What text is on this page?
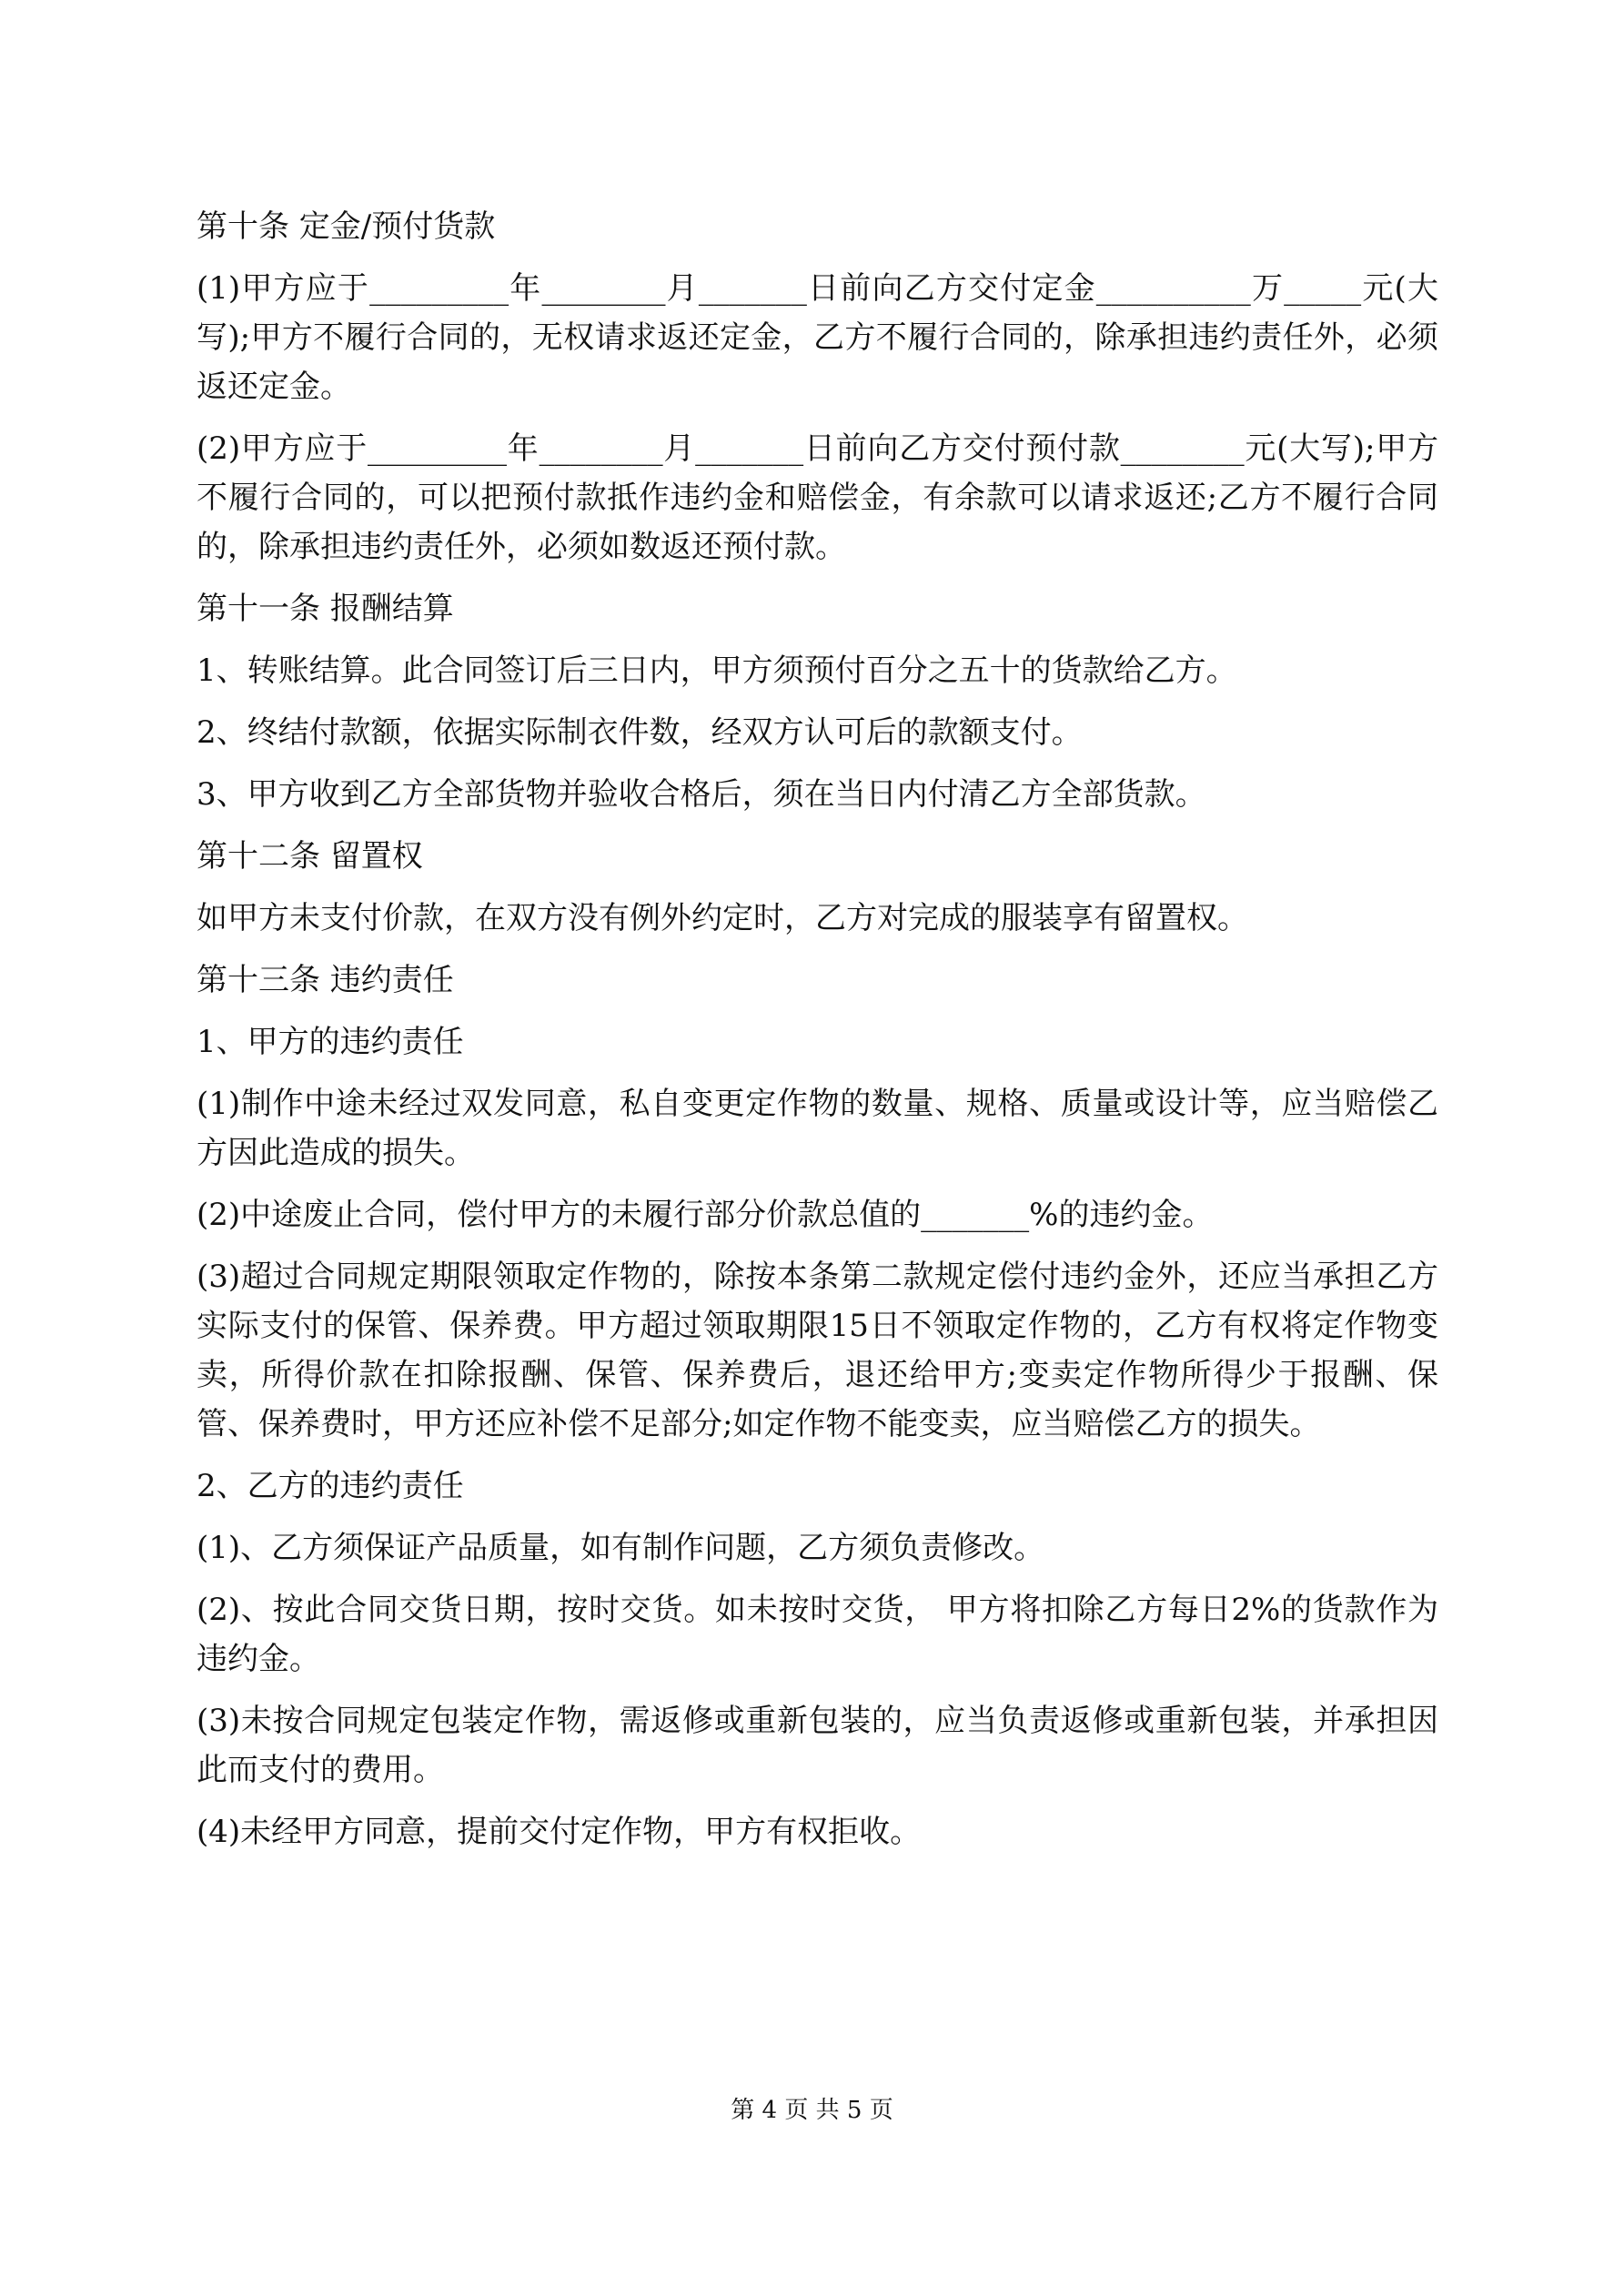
第十条 定金/预付货款

(1)甲方应于_________年________月_______日前向乙方交付定金__________万_____元(大写);甲方不履行合同的，无权请求返还定金，乙方不履行合同的，除承担违约责任外，必须返还定金。

(2)甲方应于_________年________月_______日前向乙方交付预付款________元(大写);甲方不履行合同的，可以把预付款抵作违约金和赔偿金，有余款可以请求返还;乙方不履行合同的，除承担违约责任外，必须如数返还预付款。

第十一条 报酬结算

1、转账结算。此合同签订后三日内，甲方须预付百分之五十的货款给乙方。

2、终结付款额，依据实际制衣件数，经双方认可后的款额支付。

3、甲方收到乙方全部货物并验收合格后，须在当日内付清乙方全部货款。

第十二条 留置权

如甲方未支付价款，在双方没有例外约定时，乙方对完成的服装享有留置权。

第十三条 违约责任

1、甲方的违约责任

(1)制作中途未经过双发同意，私自变更定作物的数量、规格、质量或设计等，应当赔偿乙方因此造成的损失。

(2)中途废止合同，偿付甲方的未履行部分价款总值的_______%的违约金。

(3)超过合同规定期限领取定作物的，除按本条第二款规定偿付违约金外，还应当承担乙方实际支付的保管、保养费。甲方超过领取期限15日不领取定作物的，乙方有权将定作物变卖，所得价款在扣除报酬、保管、保养费后，退还给甲方;变卖定作物所得少于报酬、保管、保养费时，甲方还应补偿不足部分;如定作物不能变卖，应当赔偿乙方的损失。

2、乙方的违约责任

(1)、乙方须保证产品质量，如有制作问题，乙方须负责修改。

(2)、按此合同交货日期，按时交货。如未按时交货， 甲方将扣除乙方每日2%的货款作为违约金。

(3)未按合同规定包装定作物，需返修或重新包装的，应当负责返修或重新包装，并承担因此而支付的费用。

(4)未经甲方同意，提前交付定作物，甲方有权拒收。

第 4 页 共 5 页
